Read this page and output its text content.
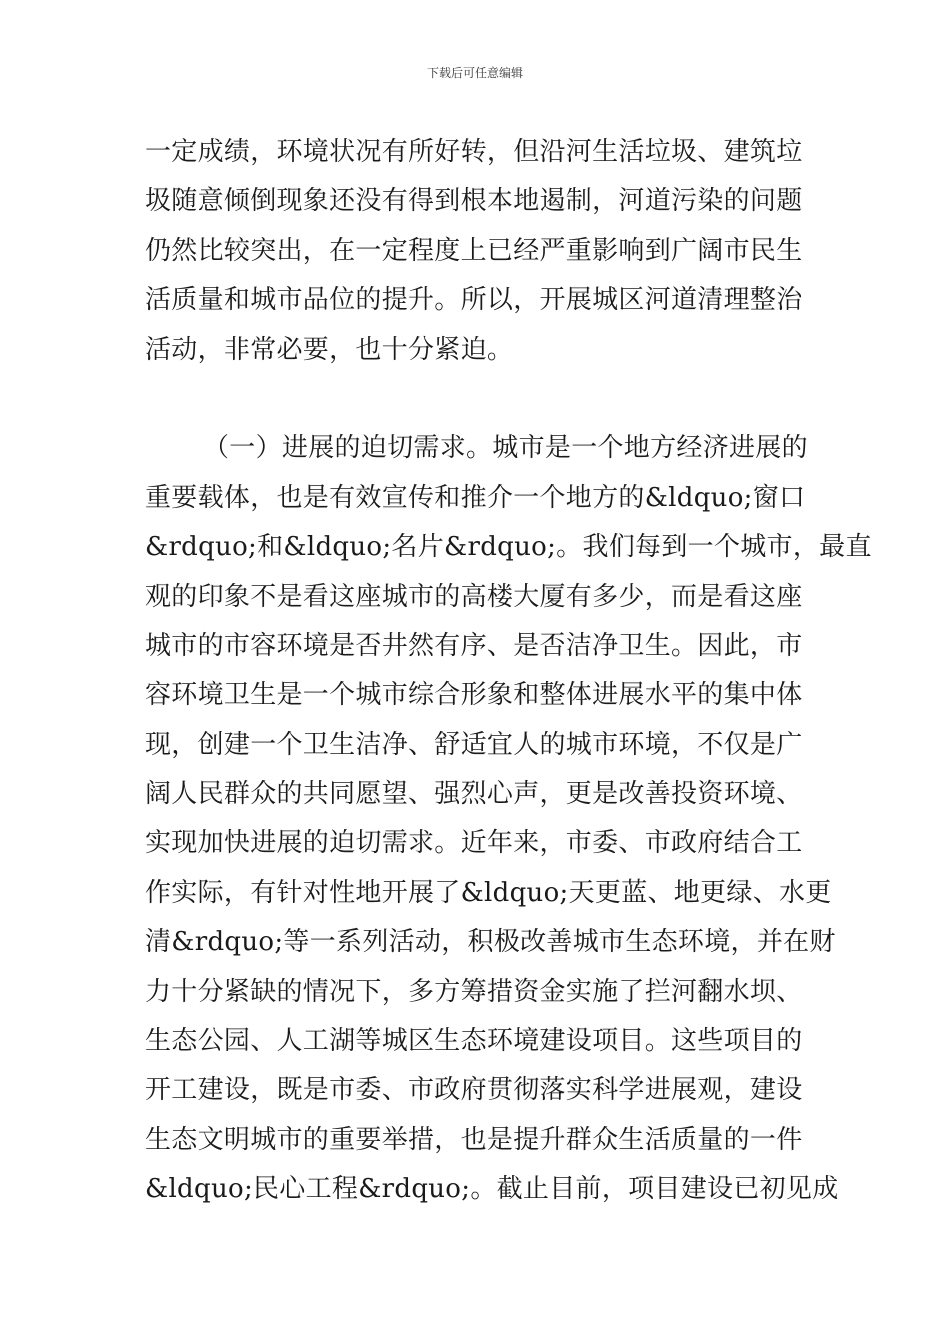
下载后可任意编辑
一定成绩，环境状况有所好转，但沿河生活垃圾、建筑垃
圾随意倾倒现象还没有得到根本地遏制，河道污染的问题
仍然比较突出，在一定程度上已经严重影响到广阔市民生
活质量和城市品位的提升。所以，开展城区河道清理整治
活动，非常必要，也十分紧迫。
（一）进展的迫切需求。城市是一个地方经济进展的
重要载体，也是有效宣传和推介一个地方的&ldquo;窗口
&rdquo;和&ldquo;名片&rdquo;。我们每到一个城市，最直
观的印象不是看这座城市的高楼大厦有多少，而是看这座
城市的市容环境是否井然有序、是否洁净卫生。因此，市
容环境卫生是一个城市综合形象和整体进展水平的集中体
现，创建一个卫生洁净、舒适宜人的城市环境，不仅是广
阔人民群众的共同愿望、强烈心声，更是改善投资环境、
实现加快进展的迫切需求。近年来，市委、市政府结合工
作实际，有针对性地开展了&ldquo;天更蓝、地更绿、水更
清&rdquo;等一系列活动，积极改善城市生态环境，并在财
力十分紧缺的情况下，多方筹措资金实施了拦河翻水坝、
生态公园、人工湖等城区生态环境建设项目。这些项目的
开工建设，既是市委、市政府贯彻落实科学进展观，建设
生态文明城市的重要举措，也是提升群众生活质量的一件
&ldquo;民心工程&rdquo;。截止目前，项目建设已初见成
